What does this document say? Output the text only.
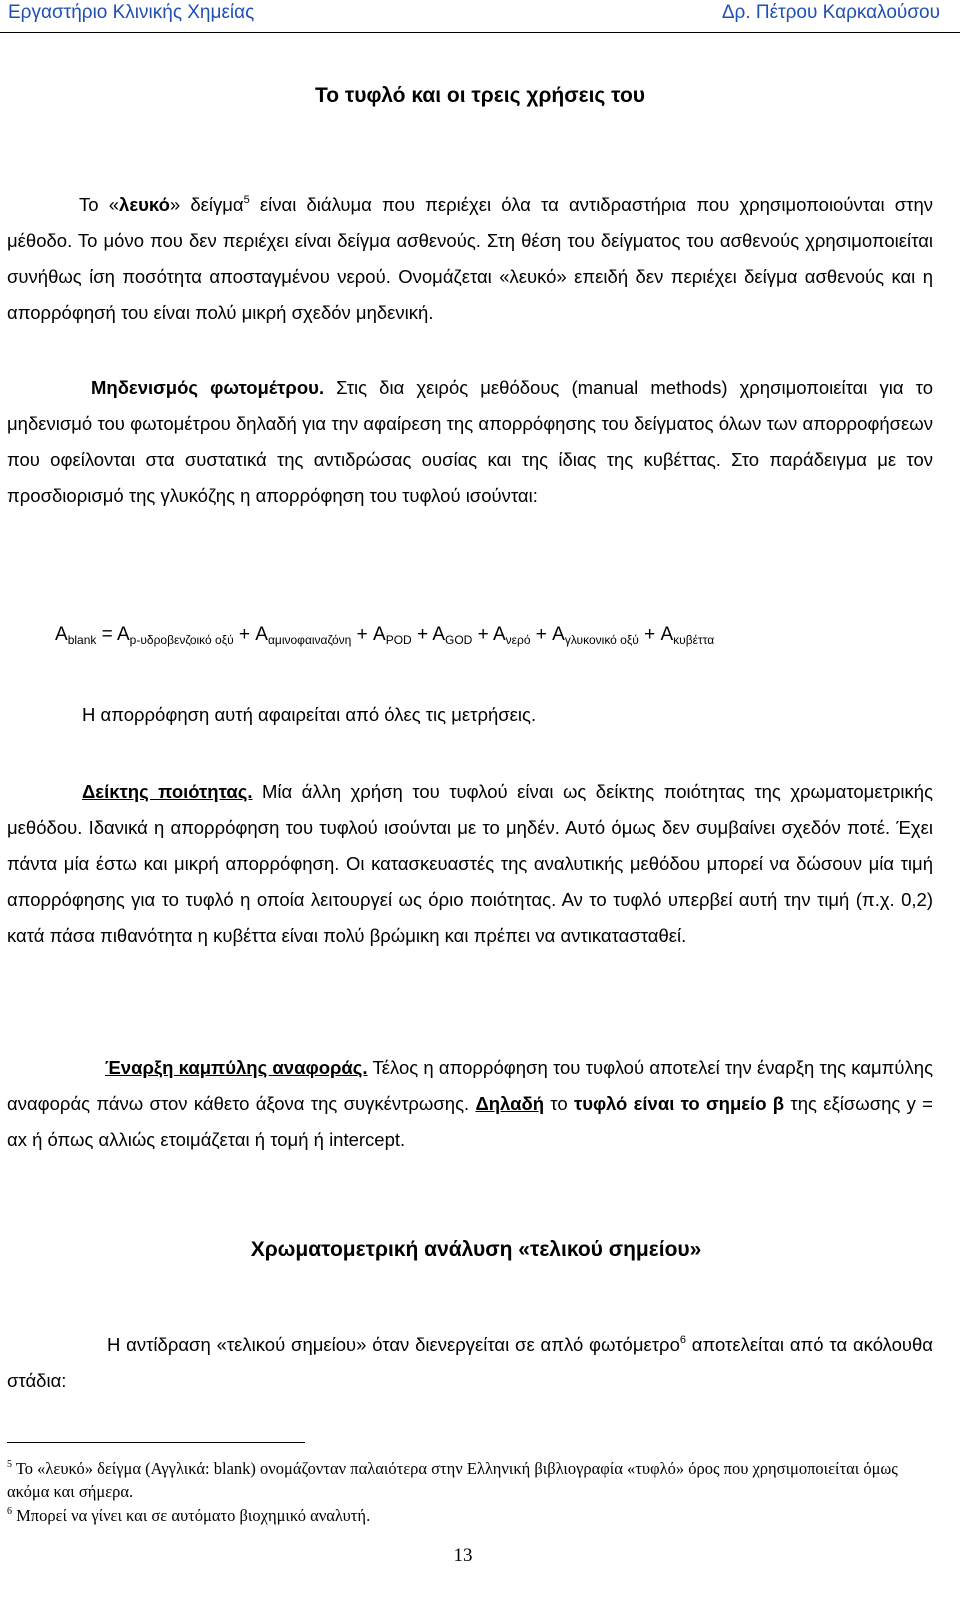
Εργαστήριο Κλινικής Χημείας	Δρ. Πέτρου Καρκαλούσου
Το τυφλό και οι τρεις χρήσεις του
Το «λευκό» δείγμα$^5$ είναι διάλυμα που περιέχει όλα τα αντιδραστήρια που χρησιμοποιούνται στην μέθοδο. Το μόνο που δεν περιέχει είναι δείγμα ασθενούς. Στη θέση του δείγματος του ασθενούς χρησιμοποιείται συνήθως ίση ποσότητα αποσταγμένου νερού. Ονομάζεται «λευκό» επειδή δεν περιέχει δείγμα ασθενούς και η απορρόφησή του είναι πολύ μικρή σχεδόν μηδενική.
Μηδενισμός φωτομέτρου. Στις δια χειρός μεθόδους (manual methods) χρησιμοποιείται για το μηδενισμό του φωτομέτρου δηλαδή για την αφαίρεση της απορρόφησης του δείγματος όλων των απορροφήσεων που οφείλονται στα συστατικά της αντιδρώσας ουσίας και της ίδιας της κυβέττας. Στο παράδειγμα με τον προσδιορισμό της γλυκόζης η απορρόφηση του τυφλού ισούνται:
$A_{blank} = A_{p-\upsilon\delta\rho o\beta\varepsilon\nu\zeta o\iota\kappa ό o\xi ύ} + A_{\alpha\mu\iota\nu o\varphi\alpha\iota\nu\alpha\zeta ό\nu\eta} + A_{POD} + A_{GOD} + A_{\nu\varepsilon\rho ό} + A_{\gamma\lambda\upsilon\kappa o\nu\iota\kappa ό o\xi ύ} + A_{\kappa\upsilon\beta έ\tau\tau\alpha}$
Η απορρόφηση αυτή αφαιρείται από όλες τις μετρήσεις.
Δείκτης ποιότητας. Μία άλλη χρήση του τυφλού είναι ως δείκτης ποιότητας της χρωματομετρικής μεθόδου. Ιδανικά η απορρόφηση του τυφλού ισούνται με το μηδέν. Αυτό όμως δεν συμβαίνει σχεδόν ποτέ. Έχει πάντα μία έστω και μικρή απορρόφηση. Οι κατασκευαστές της αναλυτικής μεθόδου μπορεί να δώσουν μία τιμή απορρόφησης για το τυφλό η οποία λειτουργεί ως όριο ποιότητας. Αν το τυφλό υπερβεί αυτή την τιμή (π.χ. 0,2) κατά πάσα πιθανότητα η κυβέττα είναι πολύ βρώμικη και πρέπει να αντικατασταθεί.
Έναρξη καμπύλης αναφοράς. Τέλος η απορρόφηση του τυφλού αποτελεί την έναρξη της καμπύλης αναφοράς πάνω στον κάθετο άξονα της συγκέντρωσης. Δηλαδή το τυφλό είναι το σημείο β της εξίσωσης y = αx ή όπως αλλιώς ετοιμάζεται ή τομή ή intercept.
Χρωματομετρική ανάλυση «τελικού σημείου»
Η αντίδραση «τελικού σημείου» όταν διενεργείται σε απλό φωτόμετρο$^6$ αποτελείται από τα ακόλουθα στάδια:
$^5$ Το «λευκό» δείγμα (Αγγλικά: blank) ονομάζονταν παλαιότερα στην Ελληνική βιβλιογραφία «τυφλό» όρος που χρησιμοποιείται όμως ακόμα και σήμερα.
$^6$ Μπορεί να γίνει και σε αυτόματο βιοχημικό αναλυτή.
13
